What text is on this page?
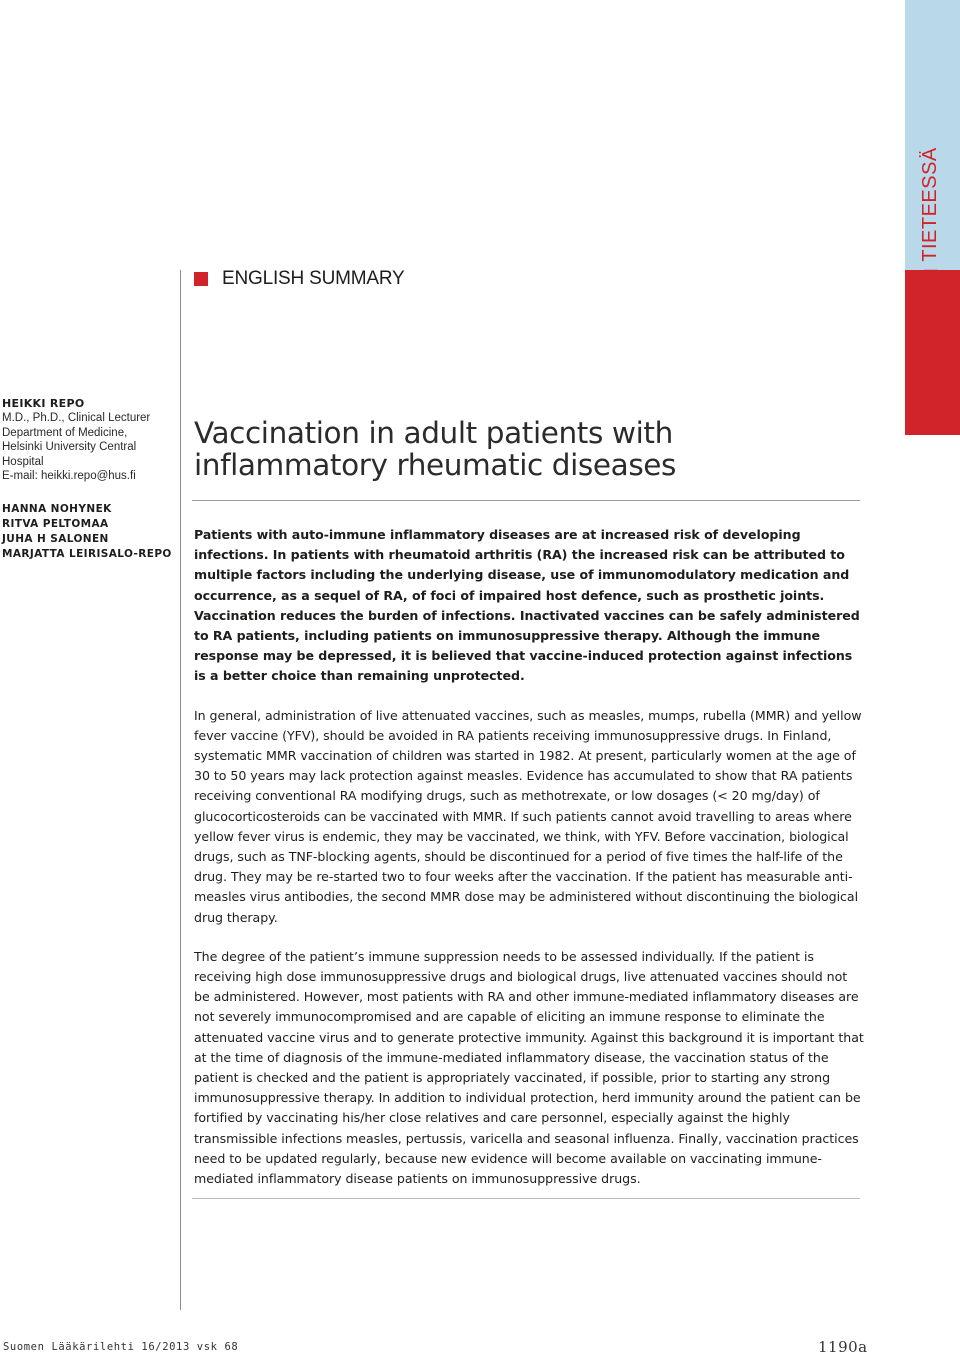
TIETEESSÄ
ENGLISH SUMMARY
HEIKKI REPO
M.D., Ph.D., Clinical Lecturer
Department of Medicine,
Helsinki University Central
Hospital
E-mail: heikki.repo@hus.fi
HANNA NOHYNEK
RITVA PELTOMAA
JUHA H SALONEN
MARJATTA LEIRISALO-REPO
Vaccination in adult patients with inflammatory rheumatic diseases

Patients with auto-immune inflammatory diseases are at increased risk of developing infections. In patients with rheumatoid arthritis (RA) the increased risk can be attributed to multiple factors including the underlying disease, use of immunomodulatory medication and occurrence, as a sequel of RA, of foci of impaired host defence, such as prosthetic joints. Vaccination reduces the burden of infections. Inactivated vaccines can be safely administered to RA patients, including patients on immunosuppressive therapy. Although the immune response may be depressed, it is believed that vaccine-induced protection against infections is a better choice than remaining unprotected.

In general, administration of live attenuated vaccines, such as measles, mumps, rubella (MMR) and yellow fever vaccine (YFV), should be avoided in RA patients receiving immunosuppressive drugs. In Finland, systematic MMR vaccination of children was started in 1982. At present, particularly women at the age of 30 to 50 years may lack protection against measles. Evidence has accumulated to show that RA patients receiving conventional RA modifying drugs, such as methotrexate, or low dosages (< 20 mg/day) of glucocorticosteroids can be vaccinated with MMR. If such patients cannot avoid travelling to areas where yellow fever virus is endemic, they may be vaccinated, we think, with YFV. Before vaccination, biological drugs, such as TNF-blocking agents, should be discontinued for a period of five times the half-life of the drug. They may be re-started two to four weeks after the vaccination. If the patient has measurable anti-measles virus antibodies, the second MMR dose may be administered without discontinuing the biological drug therapy.

The degree of the patient’s immune suppression needs to be assessed individually. If the patient is receiving high dose immunosuppressive drugs and biological drugs, live attenuated vaccines should not be administered. However, most patients with RA and other immune-mediated inflammatory diseases are not severely immunocompromised and are capable of eliciting an immune response to eliminate the attenuated vaccine virus and to generate protective immunity. Against this background it is important that at the time of diagnosis of the immune-mediated inflammatory disease, the vaccination status of the patient is checked and the patient is appropriately vaccinated, if possible, prior to starting any strong immunosuppressive therapy. In addition to individual protection, herd immunity around the patient can be fortified by vaccinating his/her close relatives and care personnel, especially against the highly transmissible infections measles, pertussis, varicella and seasonal influenza. Finally, vaccination practices need to be updated regularly, because new evidence will become available on vaccinating immune-mediated inflammatory disease patients on immunosuppressive drugs.

Suomen Lääkärilehti 16/2013 vsk 68	1190a
